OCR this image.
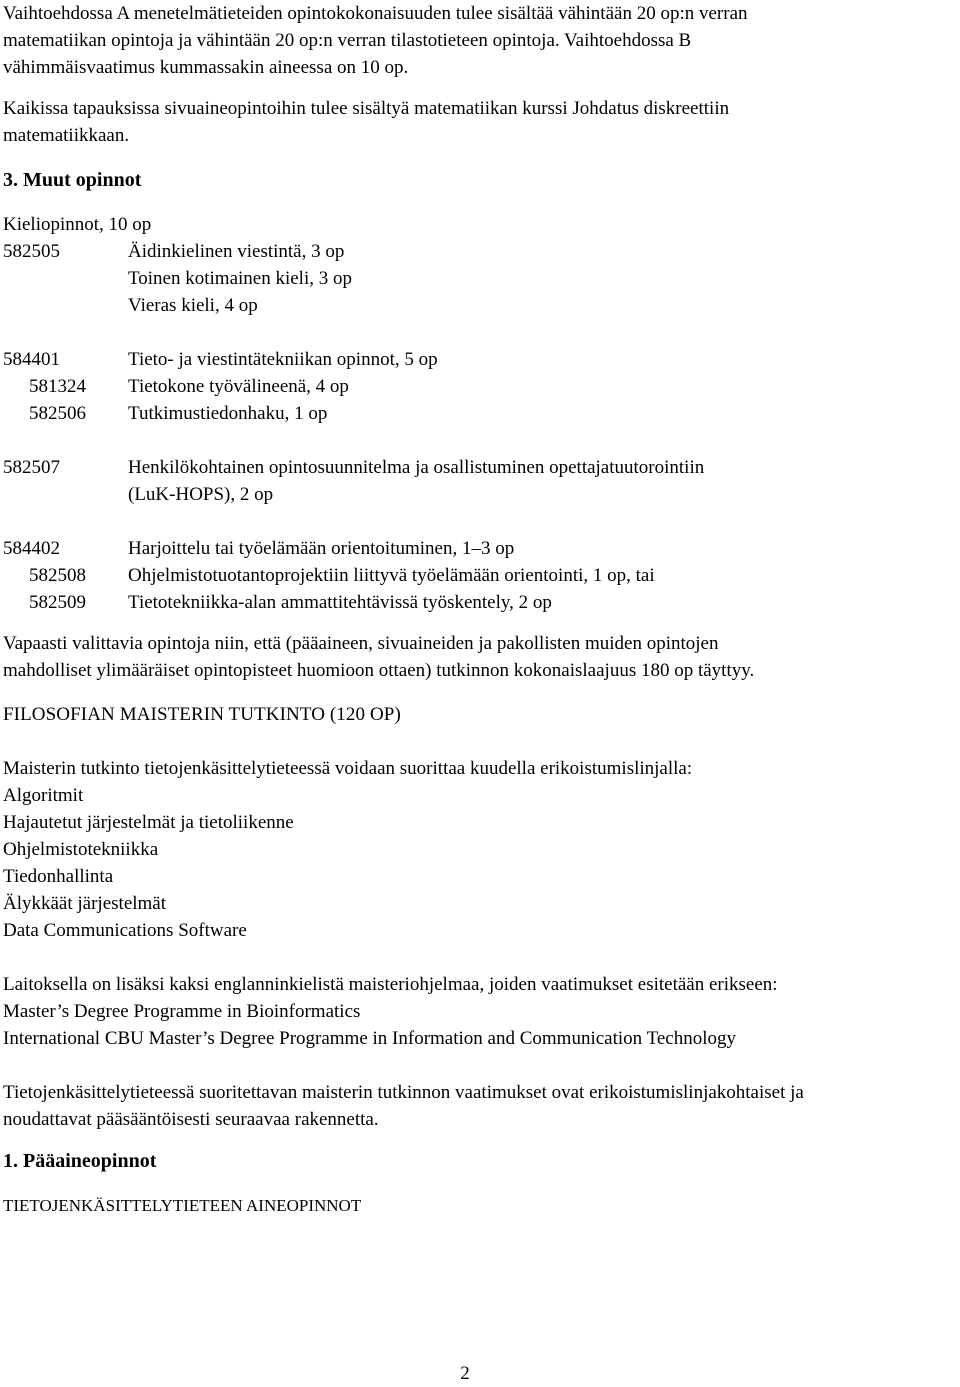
Vaihtoehdossa A menetelmätieteiden opintokokonaisuuden tulee sisältää vähintään 20 op:n verran

matematiikan opintoja ja vähintään 20 op:n verran tilastotieteen opintoja. Vaihtoehdossa B

vähimmäisvaatimus kummassakin aineessa on 10 op.

Kaikissa tapauksissa sivuaineopintoihin tulee sisältyä matematiikan kurssi Johdatus diskreettiin

matematiikkaan.

3. Muut opinnot

Kieliopinnot, 10 op

582505	Äidinkielinen viestintä, 3 op
Toinen kotimainen kieli, 3 op
Vieras kieli, 4 op
584401	Tieto- ja viestintätekniikan opinnot, 5 op
581324	Tietokone työvälineenä, 4 op
582506	Tutkimustiedonhaku, 1 op
582507	Henkilökohtainen opintosuunnitelma ja osallistuminen opettajatuutorointiin
(LuK-HOPS), 2 op
584402	Harjoittelu tai työelämään orientoituminen, 1–3 op
582508	Ohjelmistotuotantoprojektiin liittyvä työelämään orientointi, 1 op, tai
582509	Tietotekniikka-alan ammattitehtävissä työskentely, 2 op

Vapaasti valittavia opintoja niin, että (pääaineen, sivuaineiden ja pakollisten muiden opintojen

mahdolliset ylimääräiset opintopisteet huomioon ottaen) tutkinnon kokonaislaajuus 180 op täyttyy.

FILOSOFIAN MAISTERIN TUTKINTO (120 OP)

Maisterin tutkinto tietojenkäsittelytieteessä voidaan suorittaa kuudella erikoistumislinjalla:

Algoritmit

Hajautetut järjestelmät ja tietoliikenne

Ohjelmistotekniikka

Tiedonhallinta

Älykkäät järjestelmät

Data Communications Software

Laitoksella on lisäksi kaksi englanninkielistä maisteriohjelmaa, joiden vaatimukset esitetään erikseen:

Master’s Degree Programme in Bioinformatics

International CBU Master’s Degree Programme in Information and Communication Technology

Tietojenkäsittelytieteessä suoritettavan maisterin tutkinnon vaatimukset ovat erikoistumislinjakohtaiset ja

noudattavat pääsääntöisesti seuraavaa rakennetta.

1. Pääaineopinnot

TIETOJENKÄSITTELYTIETEEN AINEOPINNOT

2
